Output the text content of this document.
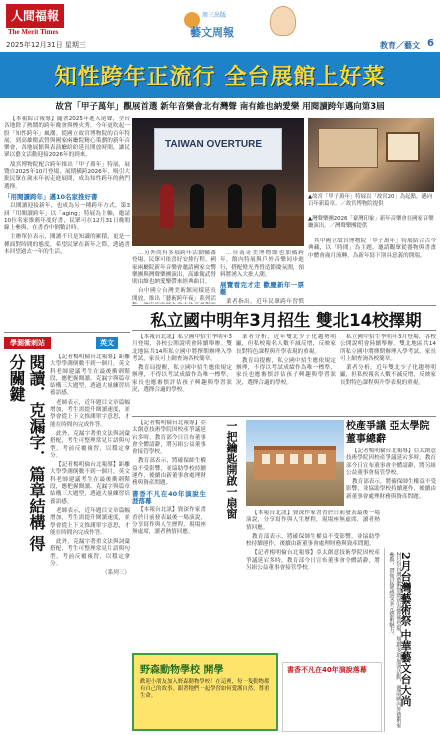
人間福報
The Merit Times
2025年12月31日 星期三
周三出版
藝文周報
教育／藝文 6
知性跨年正流行 全台展館上好菜
故宮「甲子萬年」觀展首選 新年音樂會北有灣聲 南有維也納愛樂 用閱讀跨年邁向第3屆

【本報綜合報導】隨著2025年進入尾聲，全台各地除了熱鬧的跨年晚會與煙火秀，今年更吹起一股「知性跨年」風潮。從國立故宮博物院的百年特展，到高雄衛武營與國家兩廳院精心策劃的新年音樂會，各地展館與表演廳紛紛延長開放時間，讓民眾以藝文活動迎接2026年的到來。

故宮博物院配合跨年推出「甲子萬年」特展，展覽自2025年10月登場，展期橫跨2026年，吸引大批民眾在歲末年初走進展間，成為知性跨年的熱門選擇。

「用閱讀跨年」邁10名家推好書

以閱讀迎接新年，也成為另一種跨年方式。第3屆「用閱讀跨年」以「aging」特展為主軸，邀請10位名家推薦年度好書，民眾可在12月31日晚間線上參與，在書香中倒數計時。

主辦單位表示，閱讀不只是知識的累積，更是一種面對時間的態度，希望民眾在新年之際，透過書本回望過去一年的生活。

TAIWAN OVERTURE
▲故宮「甲子萬年」特展以「故宮20」為起點，邁向百年新篇章。／故宮博物院提供
▲灣聲樂團2026「臺灣印象」新年音樂會在國家音樂廳演出。／灣聲樂團提供

…另外尚有多項跨年活動輪番登場，民眾可依喜好安排行程。國家兩廳院新年音樂會邀請國家交響樂團與灣聲樂團演出，高雄衛武營則由維也納愛樂帶來經典曲目。

台中國立台灣美術館同樣延長開放，推出「藝術跨年夜」系列活

…台南奇美博物館也加碼跨年，館內特展與戶外音樂同步進行，搭配燈光秀營造節慶氛圍，預料將湧入大批人潮。

展覽看完才走 歡慶新年一票難

業者指出，近年民眾跨年習慣

其中國立故宮博物院「甲子萬年」特展結合古今典藏，以「時間」為主題，邀請觀眾從器物與書畫中體會歲月流轉，為新年寫下別具意義的開端。

學測衝刺站	英文
閱讀．克漏字．篇章結構 得分關鍵	【記者楊明倫台北報導】距離大學學測倒數不到一個月，英文科老師建議考生在最後衝刺階段，應把握閱讀、克漏字與篇章結構三大題型，透過大量練習培養語感。

老師表示，近年題目文章篇幅增加，考生需提升閱讀速度，並學會從上下文推測單字意思，才能在時間內完成作答。

此外，克漏字著重文法與詞彙搭配，考生可整理常見片語與句型，考前反覆複習，以穩定拿分。

【記者楊明倫台北報導】距離大學學測倒數不到一個月，英文科老師建議考生在最後衝刺階段，應把握閱讀、克漏字與篇章結構三大題型，透過大量練習培養語感。

老師表示，近年題目文章篇幅增加，考生需提升閱讀速度，並學會從上下文推測單字意思，才能在時間內完成作答。

此外，克漏字著重文法與詞彙搭配，考生可整理常見片語與句型，考前反覆複習，以穩定拿分。

（系列三）

私立國中明年3月招生 雙北14校擇期

【本報台北訊】私立國中招生季明年3月登場，各校公開說明會陸續舉辦。雙北地區共14所私立國中將擇期辦理入學考試，家長可上網查詢各校簡章。

教育局提醒，私立國中招生應依規定辦理，不得以考試成績作為唯一標準，家長也應審慎評估孩子興趣與學習狀況，選擇合適的學校。

業者分析，近年雙北少子化趨勢明顯，但私校報名人數不減反增，反映家長對特色課程與升學表現的重視。

教育局提醒，私立國中招生應依規定辦理，不得以考試成績作為唯一標準，家長也應審慎評估孩子興趣與學習狀況，選擇合適的學校。

私立國中招生季明年3月登場，各校公開說明會陸續舉辦。雙北地區共14所私立國中將擇期辦理入學考試，家長可上網查詢各校簡章。

業者分析，近年雙北少子化趨勢明顯，但私校報名人數不減反增，反映家長對特色課程與升學表現的重視。

一把鑰匙開啟一扇窗

【記者楊明倫台北報導】亞太創意技術學院因校產爭議延宕多時，教育部今日宣布董事會全體請辭，將另組公益董事會接管學校。

教育部表示，將確保師生權益不受影響，並協助學校持續運作，後續由新董事會處理財務與資產問題。

書香不凡在40年演說生涯落幕

【本報台北訊】資深作家書香於日前發表最後一場演說，分享寫作與人生歷程，現場座無虛席，讀者熱情回應。

校產爭議 亞太學院董事總辭

【記者楊明倫台北報導】亞太創意技術學院因校產爭議延宕多時，教育部今日宣布董事會全體請辭，將另組公益董事會接管學校。

教育部表示，將確保師生權益不受影響，並協助學校持續運作，後續由新董事會處理財務與資產問題。

【本報台北訊】資深作家書香於日前發表最後一場演說，分享寫作與人生歷程，現場座無虛席，讀者熱情回應。

教育部表示，將確保師生權益不受影響，並協助學校持續運作，後續由新董事會處理財務與資產問題。

【記者楊明倫台北報導】亞太創意技術學院因校產爭議延宕多時，教育部今日宣布董事會全體請辭，將另組公益董事會接管學校。

野森動物學校 開學
歡迎小朋友加入野森動物學校！在這裡，每一隻動物都有自己的故事，跟著牠們一起學習如何愛護自然、尊重生命。
書香不凡在40年演說落幕	2月台灣藝術祭 中華藝文台大尚
2月份台灣藝術祭將於春節後登場，規劃多項展演活動，邀請國內外藝術家參與，帶領民眾感受多元藝術魅力。
